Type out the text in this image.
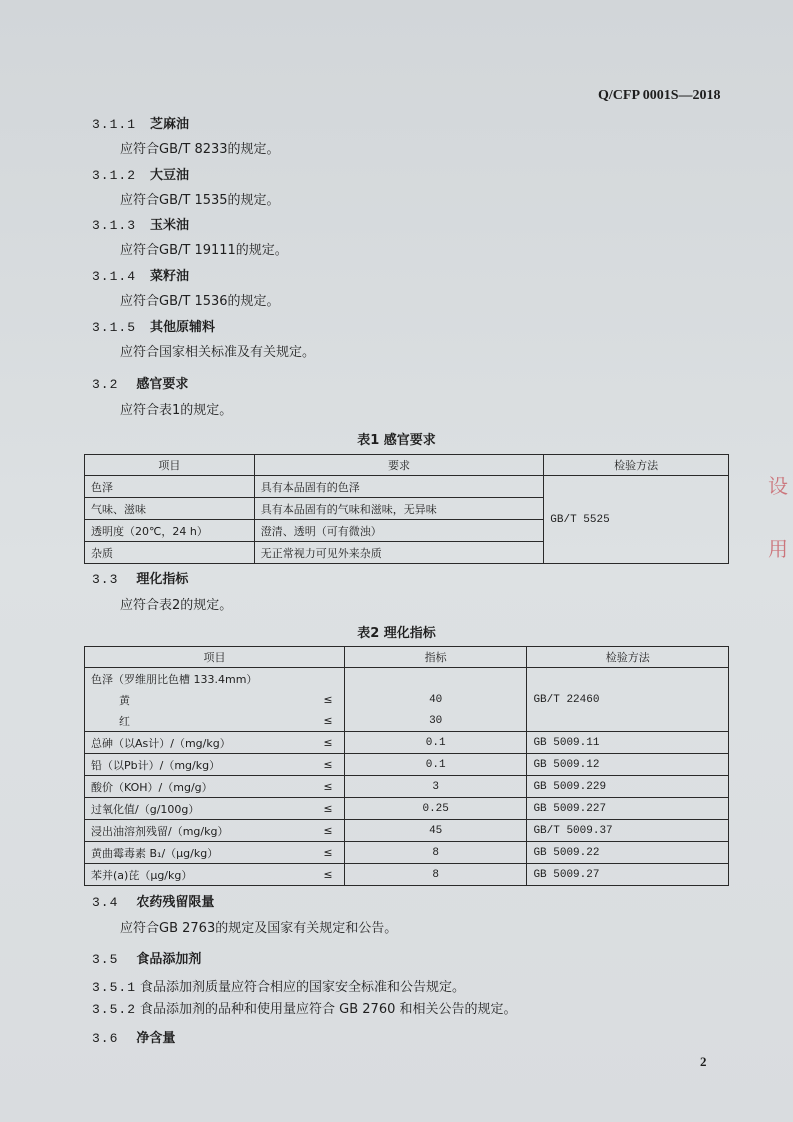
Q/CFP 0001S—2018
3.1.1 芝麻油
应符合GB/T 8233的规定。
3.1.2 大豆油
应符合GB/T 1535的规定。
3.1.3 玉米油
应符合GB/T 19111的规定。
3.1.4 菜籽油
应符合GB/T 1536的规定。
3.1.5 其他原辅料
应符合国家相关标准及有关规定。
3.2 感官要求
应符合表1的规定。
表1 感官要求
项目	要求	检验方法
色泽	具有本品固有的色泽	GB/T 5525
气味、滋味	具有本品固有的气味和滋味，无异味	
透明度（20℃，24 h）	澄清、透明（可有微浊）	
杂质	无正常视力可见外来杂质	
3.3 理化指标
应符合表2的规定。
表2 理化指标
项目		指标	检验方法
色泽（罗维朋比色槽 133.4mm）			GB/T 22460
黄	≤	40	
红	≤	30	
总砷（以As计）/（mg/kg）	≤	0.1	GB 5009.11
铅（以Pb计）/（mg/kg）	≤	0.1	GB 5009.12
酸价（KOH）/（mg/g）	≤	3	GB 5009.229
过氧化值/（g/100g）	≤	0.25	GB 5009.227
浸出油溶剂残留/（mg/kg）	≤	45	GB/T 5009.37
黄曲霉毒素 B₁/（μg/kg）	≤	8	GB 5009.22
苯并(a)芘（μg/kg）	≤	8	GB 5009.27
3.4 农药残留限量
应符合GB 2763的规定及国家有关规定和公告。
3.5 食品添加剂
3.5.1 食品添加剂质量应符合相应的国家安全标准和公告规定。
3.5.2 食品添加剂的品种和使用量应符合 GB 2760 和相关公告的规定。
3.6 净含量
设
用
2
